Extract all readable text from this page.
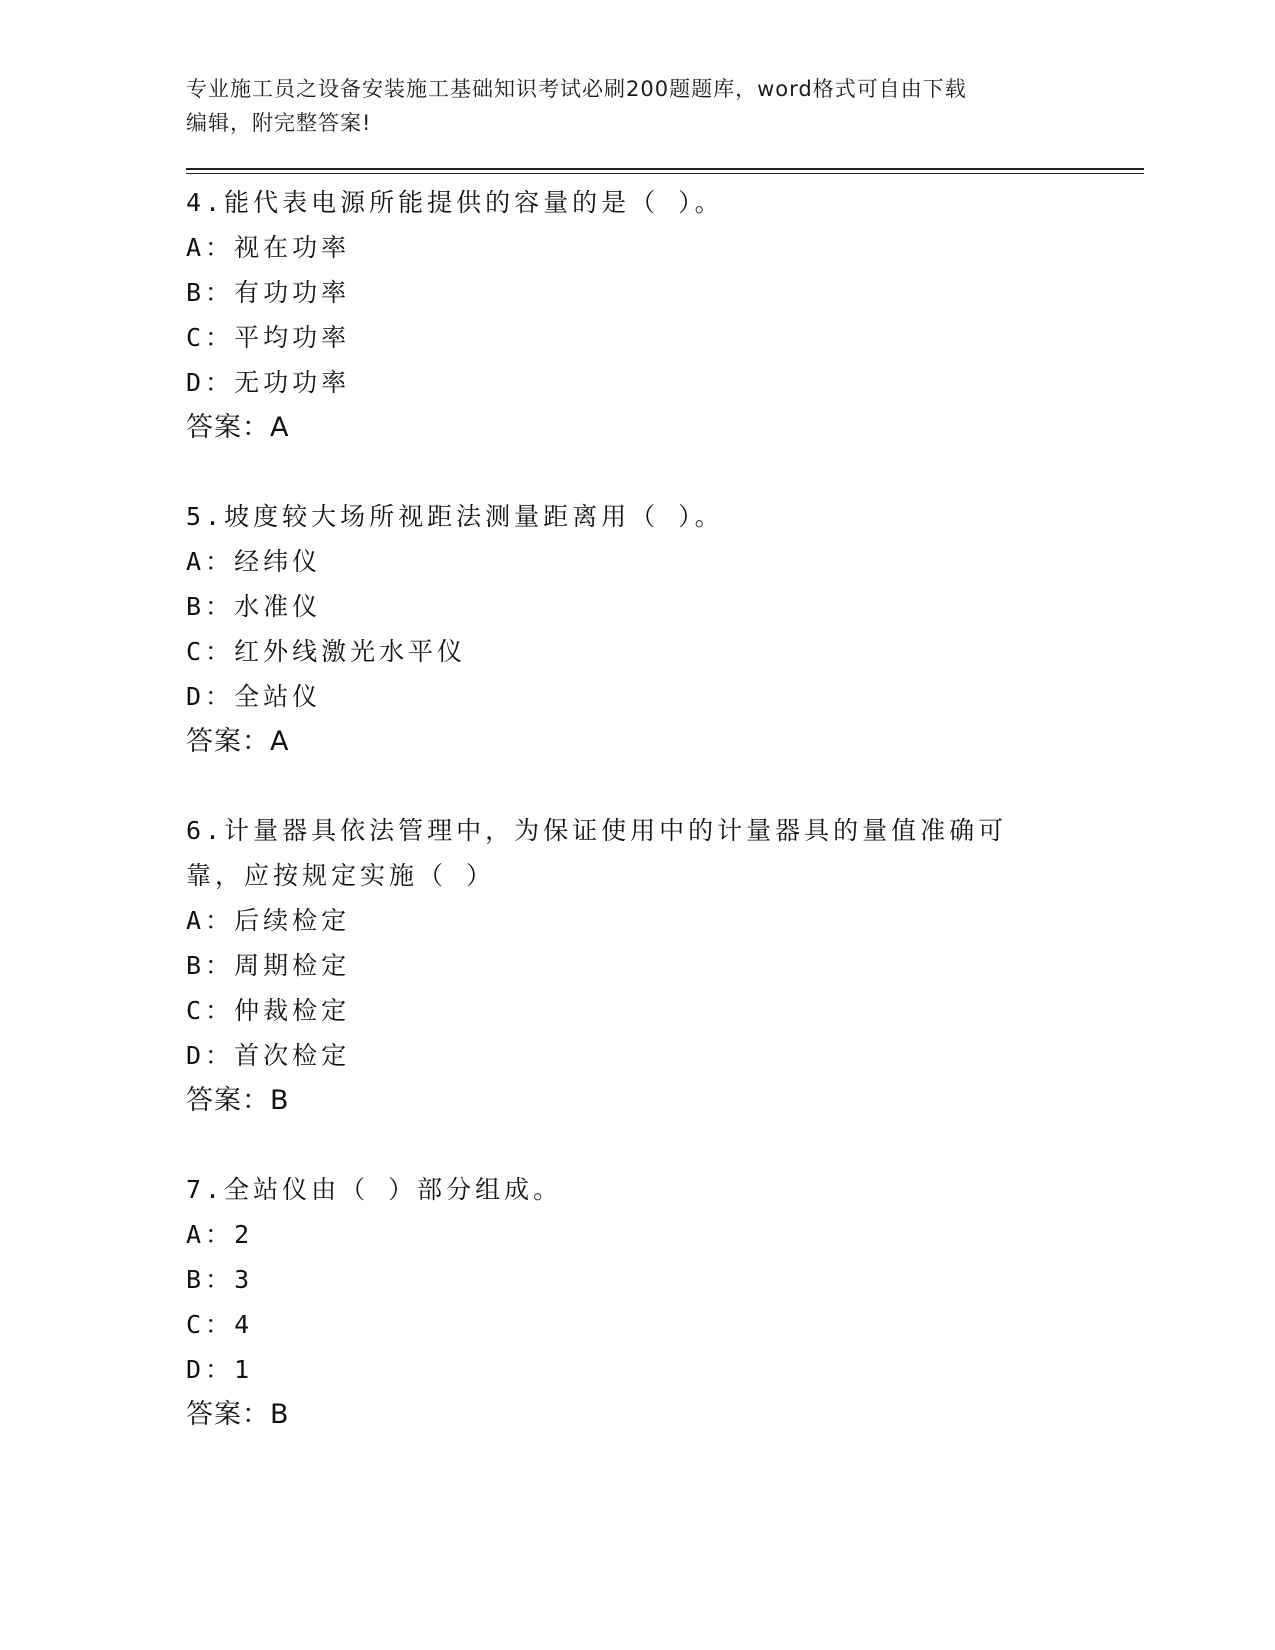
专业施工员之设备安装施工基础知识考试必刷200题题库，word格式可自由下载

编辑，附完整答案!

4.能代表电源所能提供的容量的是（ ）。

A：视在功率

B：有功功率

C：平均功率

D：无功功率

答案：A

5.坡度较大场所视距法测量距离用（ ）。

A：经纬仪

B：水准仪

C：红外线激光水平仪

D：全站仪

答案：A

6.计量器具依法管理中，为保证使用中的计量器具的量值准确可靠，应按规定实施（ ）

A：后续检定

B：周期检定

C：仲裁检定

D：首次检定

答案：B

7.全站仪由（ ）部分组成。

A：2

B：3

C：4

D：1

答案：B
